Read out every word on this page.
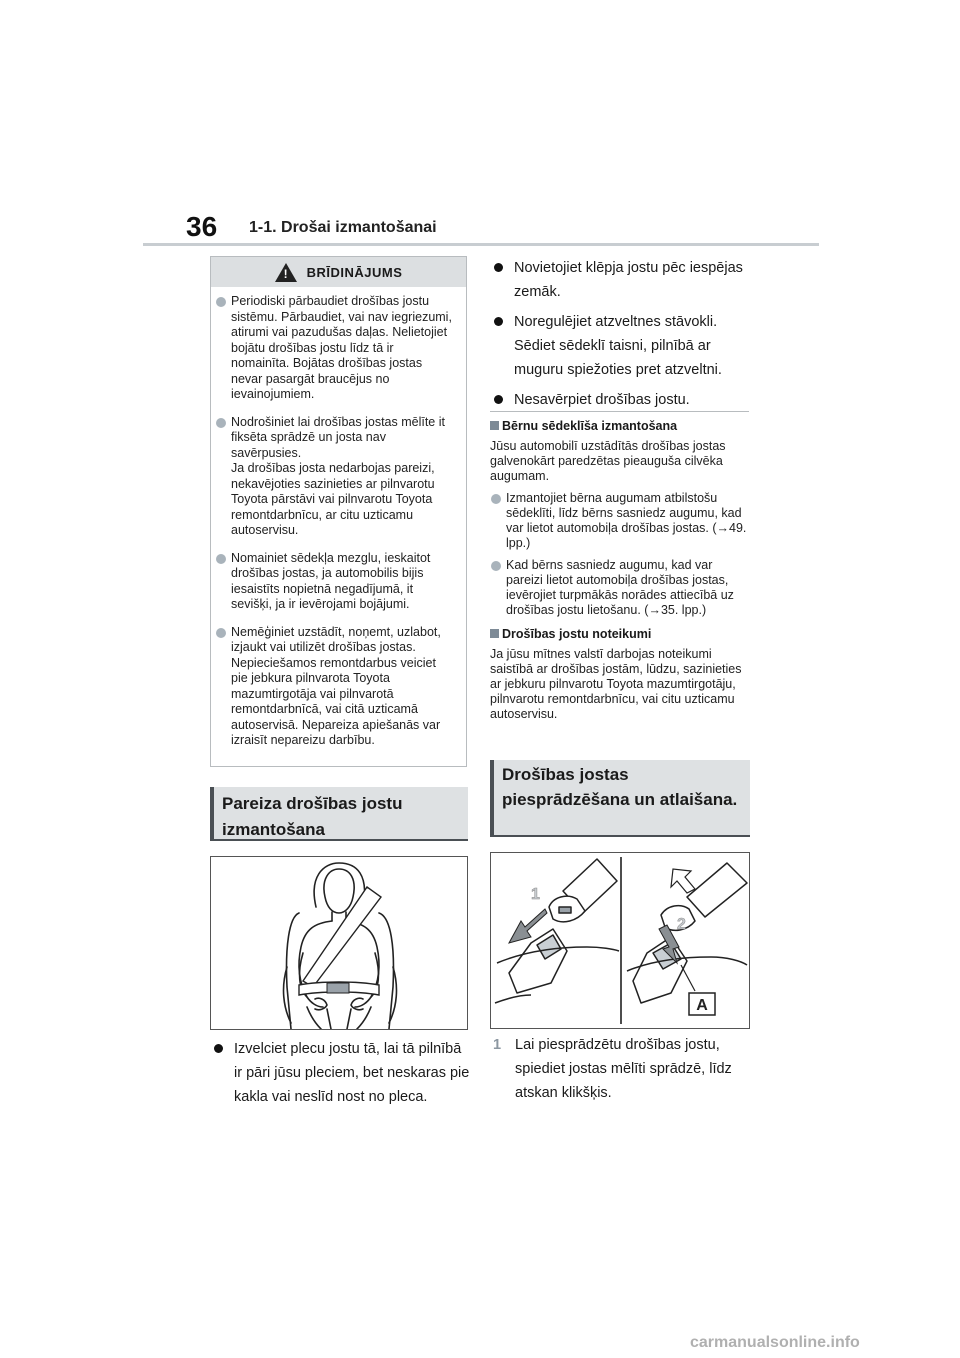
36 1-1. Drošai izmantošanai
! BRĪDINĀJUMS
Periodiski pārbaudiet drošības jostu sistēmu. Pārbaudiet, vai nav iegriezumi, atirumi vai pazudušas daļas. Nelietojiet bojātu drošības jostu līdz tā ir nomainīta. Bojātas drošības jostas nevar pasargāt braucējus no ievainojumiem.
Nodrošiniet lai drošības jostas mēlīte it fiksēta sprādzē un josta nav savērpusies.
Ja drošības josta nedarbojas pareizi, nekavējoties sazinieties ar pilnvarotu Toyota pārstāvi vai pilnvarotu Toyota remontdarbnīcu, ar citu uzticamu autoservisu.
Nomainiet sēdekļa mezglu, ieskaitot drošības jostas, ja automobilis bijis iesaistīts nopietnā negadījumā, it sevišķi, ja ir ievērojami bojājumi.
Nemēģiniet uzstādīt, noņemt, uzlabot, izjaukt vai utilizēt drošības jostas. Nepieciešamos remontdarbus veiciet pie jebkura pilnvarota Toyota mazumtirgotāja vai pilnvarotā remontdarbnīcā, vai citā uzticamā autoservisā. Nepareiza apiešanās var izraisīt nepareizu darbību.
Pareiza drošības jostu izmantošana
Izvelciet plecu jostu tā, lai tā pilnībā ir pāri jūsu pleciem, bet neskaras pie kakla vai neslīd nost no pleca.
Novietojiet klēpja jostu pēc iespējas zemāk.
Noregulējiet atzveltnes stāvokli. Sēdiet sēdeklī taisni, pilnībā ar muguru spiežoties pret atzveltni.
Nesavērpiet drošības jostu.
Bērnu sēdeklīša izmantošana
Jūsu automobilī uzstādītās drošības jostas galvenokārt paredzētas pieauguša cilvēka augumam.
Izmantojiet bērna augumam atbilstošu sēdeklīti, līdz bērns sasniedz augumu, kad var lietot automobiļa drošības jostas. (→49. lpp.)
Kad bērns sasniedz augumu, kad var pareizi lietot automobiļa drošības jostas, ievērojiet turpmākās norādes attiecībā uz drošības jostu lietošanu. (→35. lpp.)
Drošības jostu noteikumi
Ja jūsu mītnes valstī darbojas noteikumi saistībā ar drošības jostām, lūdzu, sazinieties ar jebkuru pilnvarotu Toyota mazumtirgotāju, pilnvarotu remontdarbnīcu, vai citu uzticamu autoservisu.
Drošības jostas piesprādzēšana un atlaišana.
1
2
A
1 Lai piesprādzētu drošības jostu, spiediet jostas mēlīti sprādzē, līdz atskan klikšķis.
carmanualsonline.info
